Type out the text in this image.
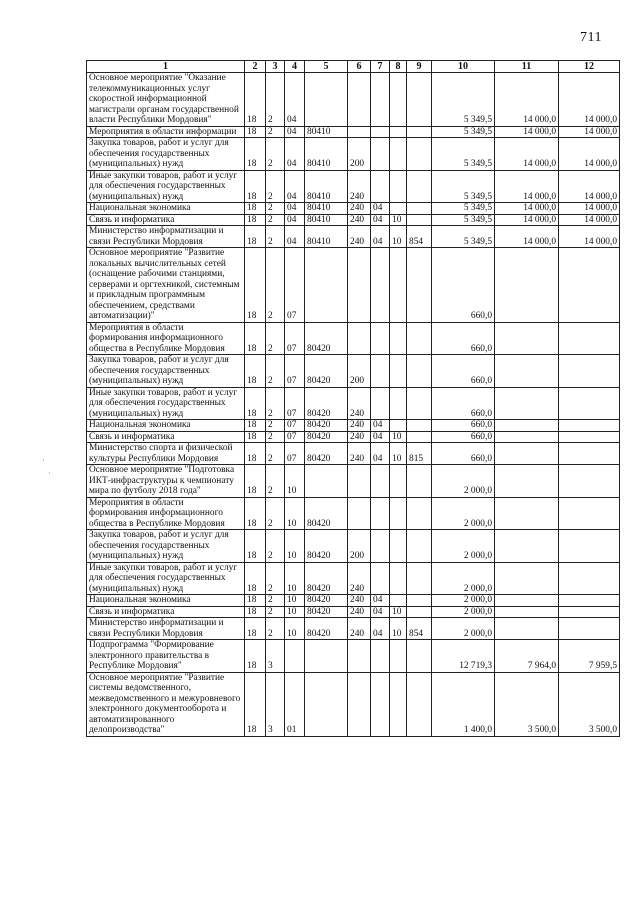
711
1	2	3	4	5	6	7	8	9	10	11	12
Основное мероприятие "Оказание телекоммуникационных услуг скоростной информационной магистрали органам государственной власти Республики Мордовия"	18	2	04						5 349,5	14 000,0	14 000,0
Мероприятия в области информации	18	2	04	80410					5 349,5	14 000,0	14 000,0
Закупка товаров, работ и услуг для обеспечения государственных (муниципальных) нужд	18	2	04	80410	200				5 349,5	14 000,0	14 000,0
Иные закупки товаров, работ и услуг для обеспечения государственных (муниципальных) нужд	18	2	04	80410	240				5 349,5	14 000,0	14 000,0
Национальная экономика	18	2	04	80410	240	04			5 349,5	14 000,0	14 000,0
Связь и информатика	18	2	04	80410	240	04	10		5 349,5	14 000,0	14 000,0
Министерство информатизации и связи Республики Мордовия	18	2	04	80410	240	04	10	854	5 349,5	14 000,0	14 000,0
Основное мероприятие "Развитие локальных вычислительных сетей (оснащение рабочими станциями, серверами и оргтехникой, системным и прикладным программным обеспечением, средствами автоматизации)"	18	2	07						660,0		
Мероприятия в области формирования информационного общества в Республике Мордовия	18	2	07	80420					660,0		
Закупка товаров, работ и услуг для обеспечения государственных (муниципальных) нужд	18	2	07	80420	200				660,0		
Иные закупки товаров, работ и услуг для обеспечения государственных (муниципальных) нужд	18	2	07	80420	240				660,0		
Национальная экономика	18	2	07	80420	240	04			660,0		
Связь и информатика	18	2	07	80420	240	04	10		660,0		
Министерство спорта и физической культуры Республики Мордовия	18	2	07	80420	240	04	10	815	660,0		
Основное мероприятие "Подготовка ИКТ-инфраструктуры к чемпионату мира по футболу 2018 года"	18	2	10						2 000,0		
Мероприятия в области формирования информационного общества в Республике Мордовия	18	2	10	80420					2 000,0		
Закупка товаров, работ и услуг для обеспечения государственных (муниципальных) нужд	18	2	10	80420	200				2 000,0		
Иные закупки товаров, работ и услуг для обеспечения государственных (муниципальных) нужд	18	2	10	80420	240				2 000,0		
Национальная экономика	18	2	10	80420	240	04			2 000,0		
Связь и информатика	18	2	10	80420	240	04	10		2 000,0		
Министерство информатизации и связи Республики Мордовия	18	2	10	80420	240	04	10	854	2 000,0		
Подпрограмма "Формирование электронного правительства в Республике Мордовия"	18	3							12 719,3	7 964,0	7 959,5
Основное мероприятие "Развитие системы ведомственного, межведомственного и межуровневого электронного документооборота и автоматизированного делопроизводства"	18	3	01						1 400,0	3 500,0	3 500,0
·
·
